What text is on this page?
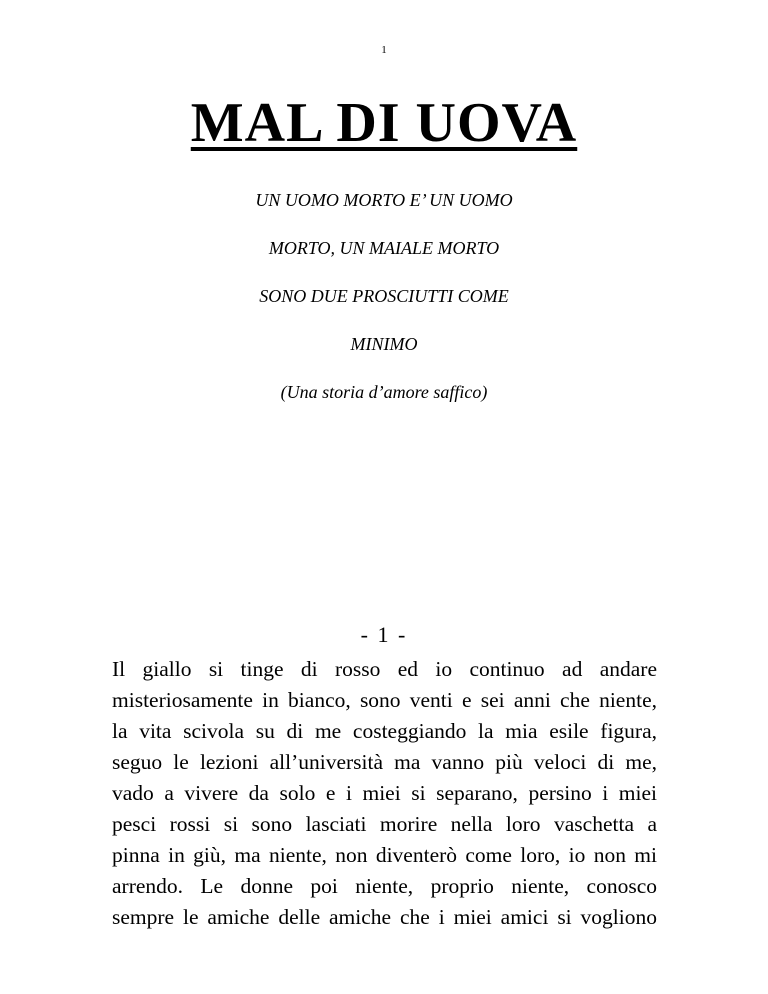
1
MAL DI UOVA
UN UOMO MORTO E’ UN UOMO
MORTO, UN MAIALE MORTO
SONO DUE PROSCIUTTI COME
MINIMO
(Una storia d’amore saffico)
- 1 -
Il giallo si tinge di rosso ed io continuo ad andare
misteriosamente in bianco, sono venti e sei anni che niente,
la vita scivola su di me costeggiando la mia esile figura,
seguo le lezioni all’università ma vanno più veloci di me,
vado a vivere da solo e i miei si separano, persino i miei
pesci rossi si sono lasciati morire nella loro vaschetta a
pinna in giù, ma niente, non diventerò come loro, io non mi
arrendo. Le donne poi niente, proprio niente, conosco
sempre le amiche delle amiche che i miei amici si vogliono
